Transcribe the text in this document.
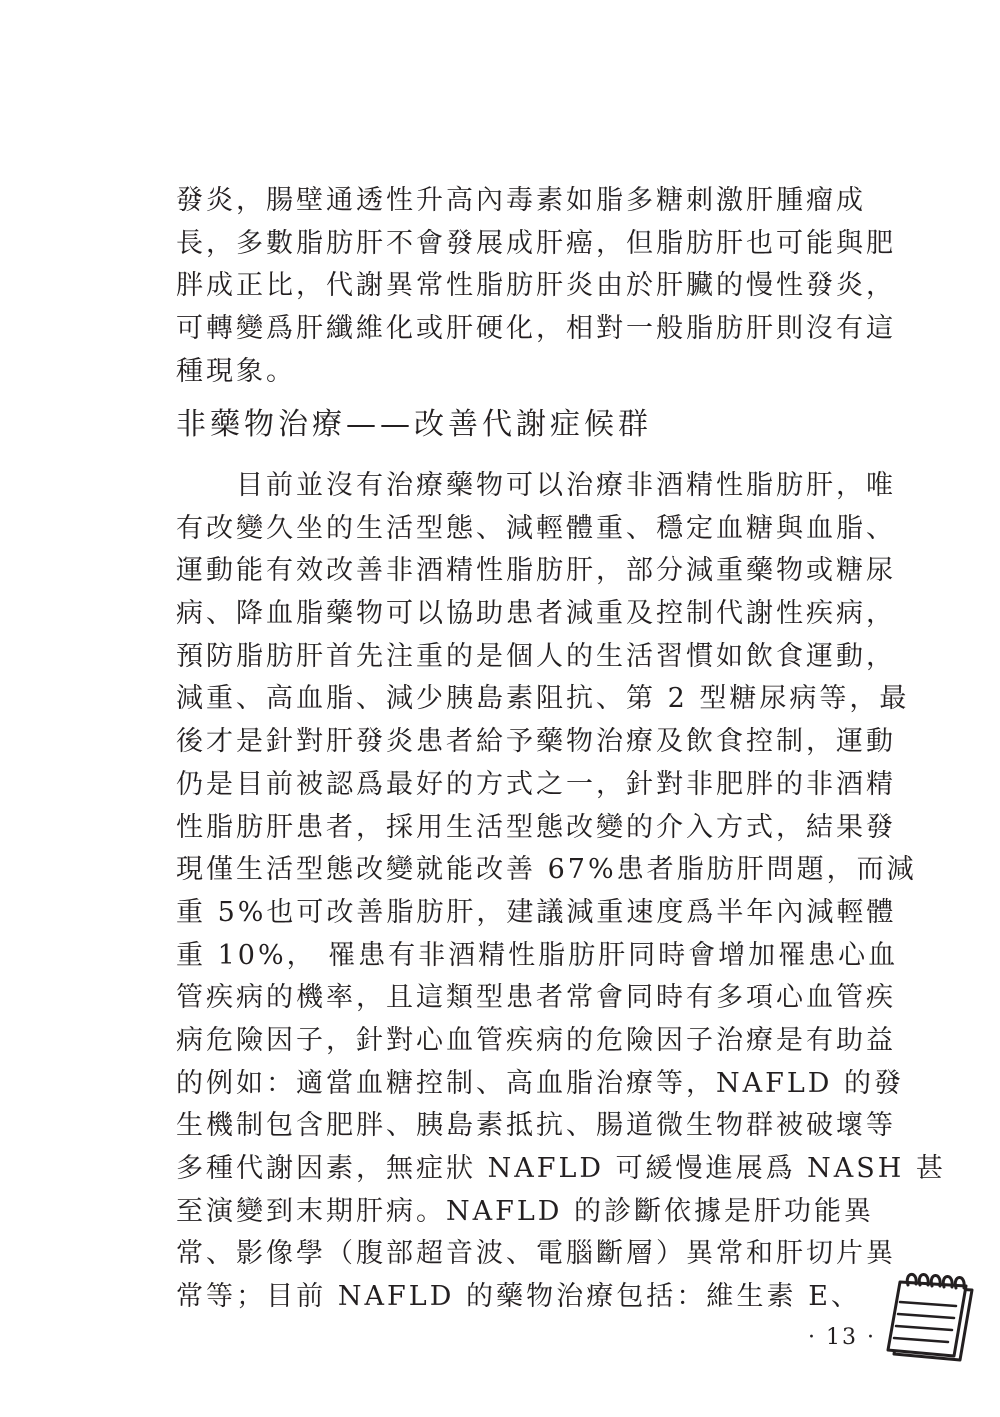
發炎，腸壁通透性升高內毒素如脂多糖刺激肝腫瘤成
長，多數脂肪肝不會發展成肝癌，但脂肪肝也可能與肥
胖成正比，代謝異常性脂肪肝炎由於肝臟的慢性發炎，
可轉變爲肝纖維化或肝硬化，相對一般脂肪肝則沒有這
種現象。
非藥物治療——改善代謝症候群
目前並沒有治療藥物可以治療非酒精性脂肪肝，唯
有改變久坐的生活型態、減輕體重、穩定血糖與血脂、
運動能有效改善非酒精性脂肪肝，部分減重藥物或糖尿
病、降血脂藥物可以協助患者減重及控制代謝性疾病，
預防脂肪肝首先注重的是個人的生活習慣如飲食運動，
減重、高血脂、減少胰島素阻抗、第 2 型糖尿病等，最
後才是針對肝發炎患者給予藥物治療及飲食控制，運動
仍是目前被認爲最好的方式之一，針對非肥胖的非酒精
性脂肪肝患者，採用生活型態改變的介入方式，結果發
現僅生活型態改變就能改善 67%患者脂肪肝問題，而減
重 5%也可改善脂肪肝，建議減重速度爲半年內減輕體
重 10%， 罹患有非酒精性脂肪肝同時會增加罹患心血
管疾病的機率，且這類型患者常會同時有多項心血管疾
病危險因子，針對心血管疾病的危險因子治療是有助益
的例如：適當血糖控制、高血脂治療等，NAFLD 的發
生機制包含肥胖、胰島素抵抗、腸道微生物群被破壞等
多種代謝因素，無症狀 NAFLD 可緩慢進展爲 NASH 甚
至演變到末期肝病。NAFLD 的診斷依據是肝功能異
常、影像學（腹部超音波、電腦斷層）異常和肝切片異
常等；目前 NAFLD 的藥物治療包括：維生素 E、
· 13 ·
